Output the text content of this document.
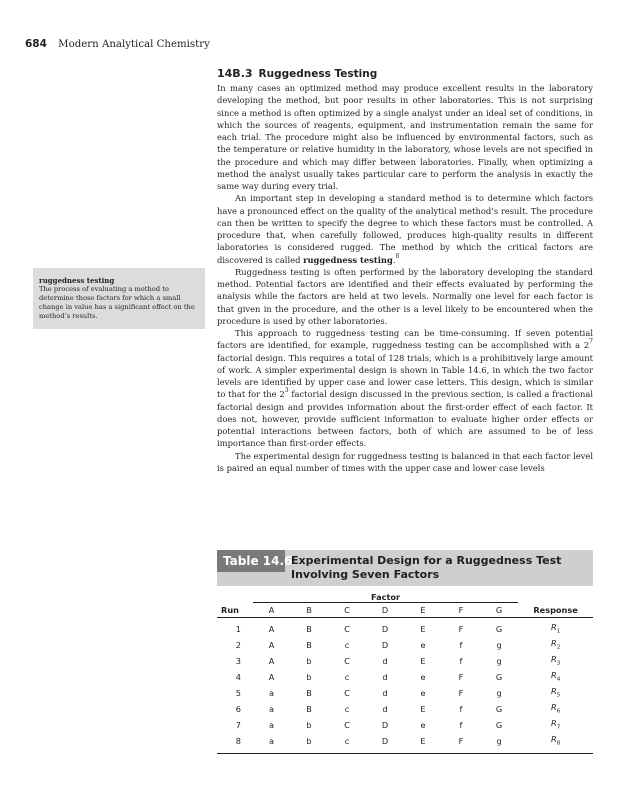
684 Modern Analytical Chemistry
14B.3 Ruggedness Testing

In many cases an optimized method may produce excellent results in the laboratory developing the method, but poor results in other laboratories. This is not surprising since a method is often optimized by a single analyst under an ideal set of conditions, in which the sources of reagents, equipment, and instrumentation remain the same for each trial. The procedure might also be influenced by environmental factors, such as the temperature or relative humidity in the laboratory, whose levels are not specified in the procedure and which may differ between laboratories. Finally, when optimizing a method the analyst usually takes particular care to perform the analysis in exactly the same way during every trial.

An important step in developing a standard method is to determine which factors have a pronounced effect on the quality of the analytical method’s result. The procedure can then be written to specify the degree to which these factors must be controlled. A procedure that, when carefully followed, produces high-quality results in different laboratories is considered rugged. The method by which the critical factors are discovered is called ruggedness testing.$^8$

Ruggedness testing is often performed by the laboratory developing the standard method. Potential factors are identified and their effects evaluated by performing the analysis while the factors are held at two levels. Normally one level for each factor is that given in the procedure, and the other is a level likely to be encountered when the procedure is used by other laboratories.

This approach to ruggedness testing can be time-consuming. If seven potential factors are identified, for example, ruggedness testing can be accomplished with a $2^7$ factorial design. This requires a total of 128 trials, which is a prohibitively large amount of work. A simpler experimental design is shown in Table 14.6, in which the two factor levels are identified by upper case and lower case letters. This design, which is similar to that for the $2^3$ factorial design discussed in the previous section, is called a fractional factorial design and provides information about the first-order effect of each factor. It does not, however, provide sufficient information to evaluate higher order effects or potential interactions between factors, both of which are assumed to be of less importance than first-order effects.

The experimental design for ruggedness testing is balanced in that each factor level is paired an equal number of times with the upper case and lower case levels

ruggedness testing
The process of evaluating a method to determine those factors for which a small change in value has a significant effect on the method’s results.
Table 14.6
Experimental Design for a Ruggedness Test Involving Seven Factors
	Factor							
Run	A	B	C	D	E	F	G	Response
1	A	B	C	D	E	F	G	$R_1$
2	A	B	c	D	e	f	g	$R_2$
3	A	b	C	d	E	f	g	$R_3$
4	A	b	c	d	e	F	G	$R_4$
5	a	B	C	d	e	F	g	$R_5$
6	a	B	c	d	E	f	G	$R_6$
7	a	b	C	D	e	f	G	$R_7$
8	a	b	c	D	E	F	g	$R_8$
